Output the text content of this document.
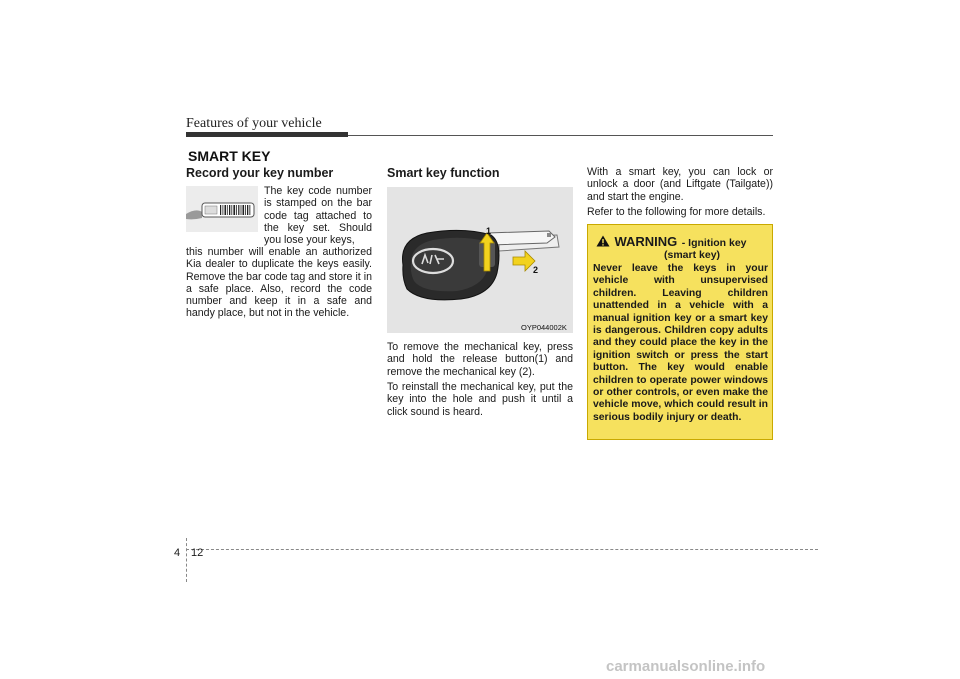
Features of your vehicle
SMART KEY
Record your key number

The key code number is stamped on the bar code tag attached to the key set. Should you lose your keys,

this number will enable an authorized Kia dealer to duplicate the keys easily. Remove the bar code tag and store it in a safe place. Also, record the code number and keep it in a safe and handy place, but not in the vehicle.

Smart key function
1
2
OYP044002K

To remove the mechanical key, press and hold the release button(1) and remove the mechanical key (2).

To reinstall the mechanical key, put the key into the hole and push it until a click sound is heard.

With a smart key, you can lock or unlock a door (and Liftgate (Tailgate)) and start the engine.

Refer to the following for more details.

WARNING - Ignition key
(smart key)

Never leave the keys in your vehicle with unsupervised children. Leaving children unattended in a vehicle with a manual ignition key or a smart key is dangerous. Children copy adults and they could place the key in the ignition switch or press the start button. The key would enable children to operate power windows or other controls, or even make the vehicle move, which could result in serious bodily injury or death.

4 12
carmanualsonline.info
